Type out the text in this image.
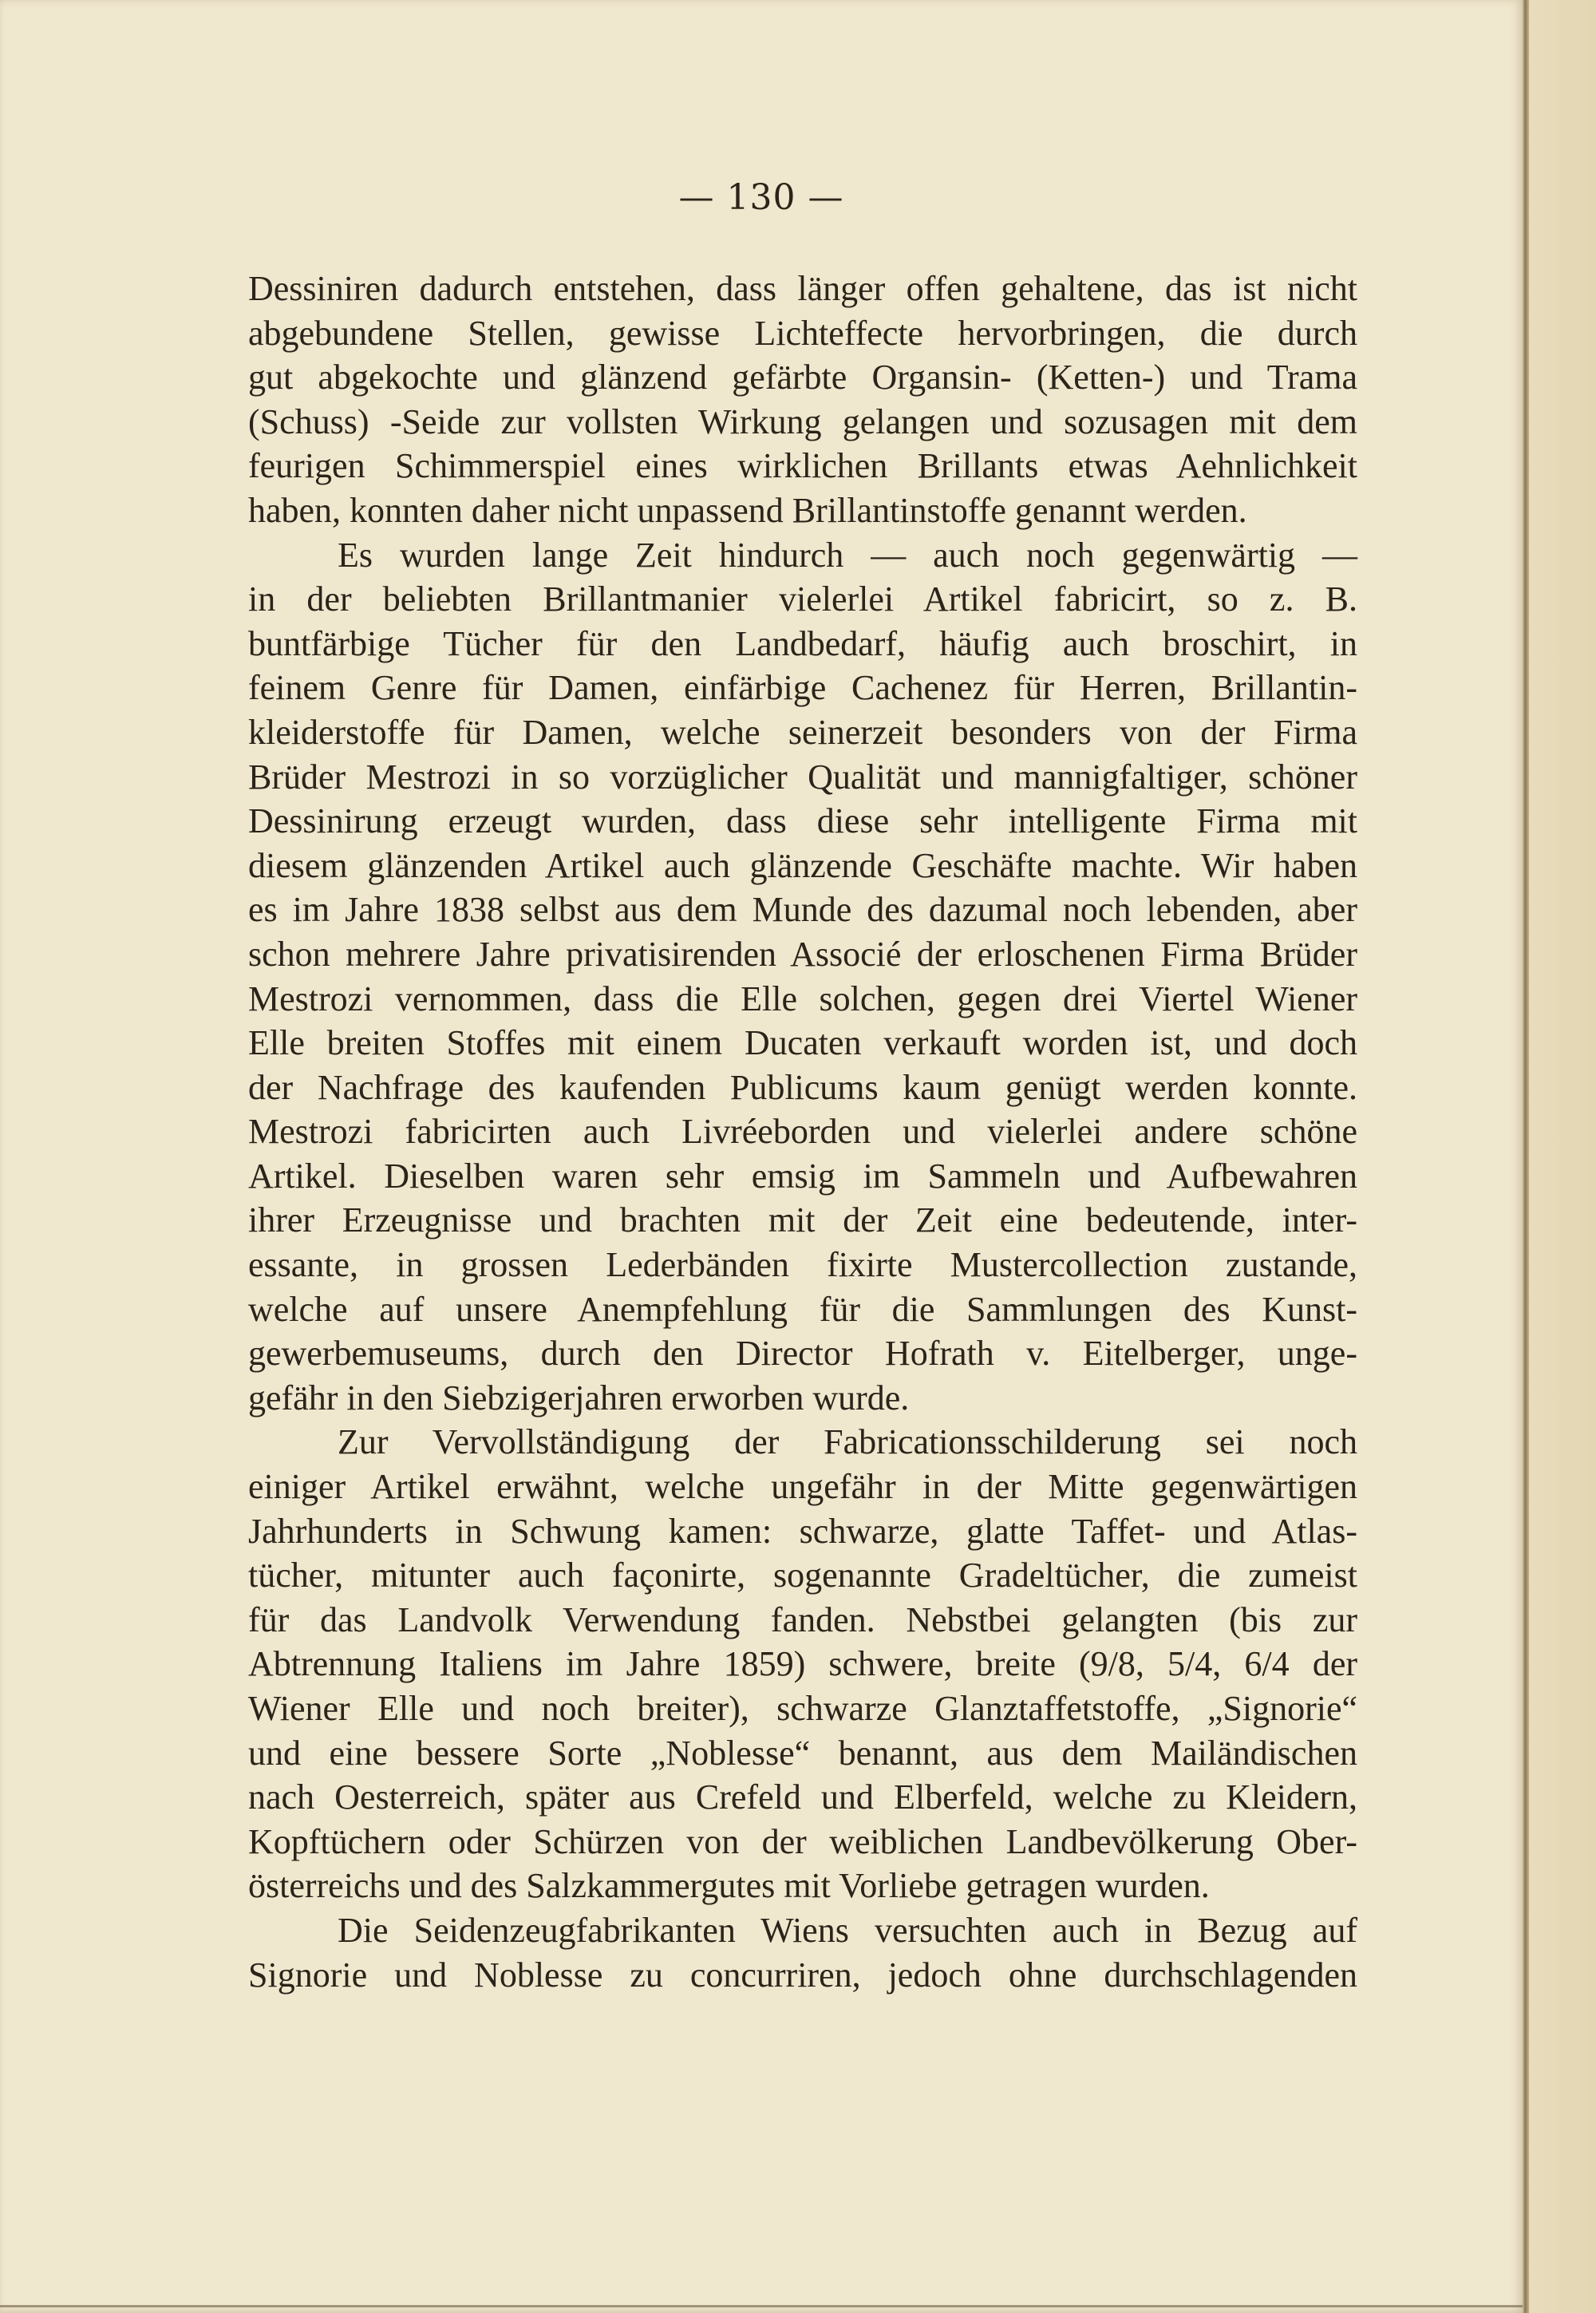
— 130 —
Dessiniren dadurch entstehen, dass länger offen gehaltene, das ist nicht
abgebundene Stellen, gewisse Lichteffecte hervorbringen, die durch
gut abgekochte und glänzend gefärbte Organsin- (Ketten-) und Trama
(Schuss) -Seide zur vollsten Wirkung gelangen und sozusagen mit dem
feurigen Schimmerspiel eines wirklichen Brillants etwas Aehnlichkeit
haben, konnten daher nicht unpassend Brillantinstoffe genannt werden.
Es wurden lange Zeit hindurch — auch noch gegenwärtig —
in der beliebten Brillantmanier vielerlei Artikel fabricirt, so z. B.
buntfärbige Tücher für den Landbedarf, häufig auch broschirt, in
feinem Genre für Damen, einfärbige Cachenez für Herren, Brillantin-
kleiderstoffe für Damen, welche seinerzeit besonders von der Firma
Brüder Mestrozi in so vorzüglicher Qualität und mannigfaltiger, schöner
Dessinirung erzeugt wurden, dass diese sehr intelligente Firma mit
diesem glänzenden Artikel auch glänzende Geschäfte machte. Wir haben
es im Jahre 1838 selbst aus dem Munde des dazumal noch lebenden, aber
schon mehrere Jahre privatisirenden Associé der erloschenen Firma Brüder
Mestrozi vernommen, dass die Elle solchen, gegen drei Viertel Wiener
Elle breiten Stoffes mit einem Ducaten verkauft worden ist, und doch
der Nachfrage des kaufenden Publicums kaum genügt werden konnte.
Mestrozi fabricirten auch Livréeborden und vielerlei andere schöne
Artikel. Dieselben waren sehr emsig im Sammeln und Aufbewahren
ihrer Erzeugnisse und brachten mit der Zeit eine bedeutende, inter-
essante, in grossen Lederbänden fixirte Mustercollection zustande,
welche auf unsere Anempfehlung für die Sammlungen des Kunst-
gewerbemuseums, durch den Director Hofrath v. Eitelberger, unge-
gefähr in den Siebzigerjahren erworben wurde.
Zur Vervollständigung der Fabricationsschilderung sei noch
einiger Artikel erwähnt, welche ungefähr in der Mitte gegenwärtigen
Jahrhunderts in Schwung kamen: schwarze, glatte Taffet- und Atlas-
tücher, mitunter auch façonirte, sogenannte Gradeltücher, die zumeist
für das Landvolk Verwendung fanden. Nebstbei gelangten (bis zur
Abtrennung Italiens im Jahre 1859) schwere, breite (9/8, 5/4, 6/4 der
Wiener Elle und noch breiter), schwarze Glanztaffetstoffe, „Signorie“
und eine bessere Sorte „Noblesse“ benannt, aus dem Mailändischen
nach Oesterreich, später aus Crefeld und Elberfeld, welche zu Kleidern,
Kopftüchern oder Schürzen von der weiblichen Landbevölkerung Ober-
österreichs und des Salzkammergutes mit Vorliebe getragen wurden.
Die Seidenzeugfabrikanten Wiens versuchten auch in Bezug auf
Signorie und Noblesse zu concurriren, jedoch ohne durchschlagenden
